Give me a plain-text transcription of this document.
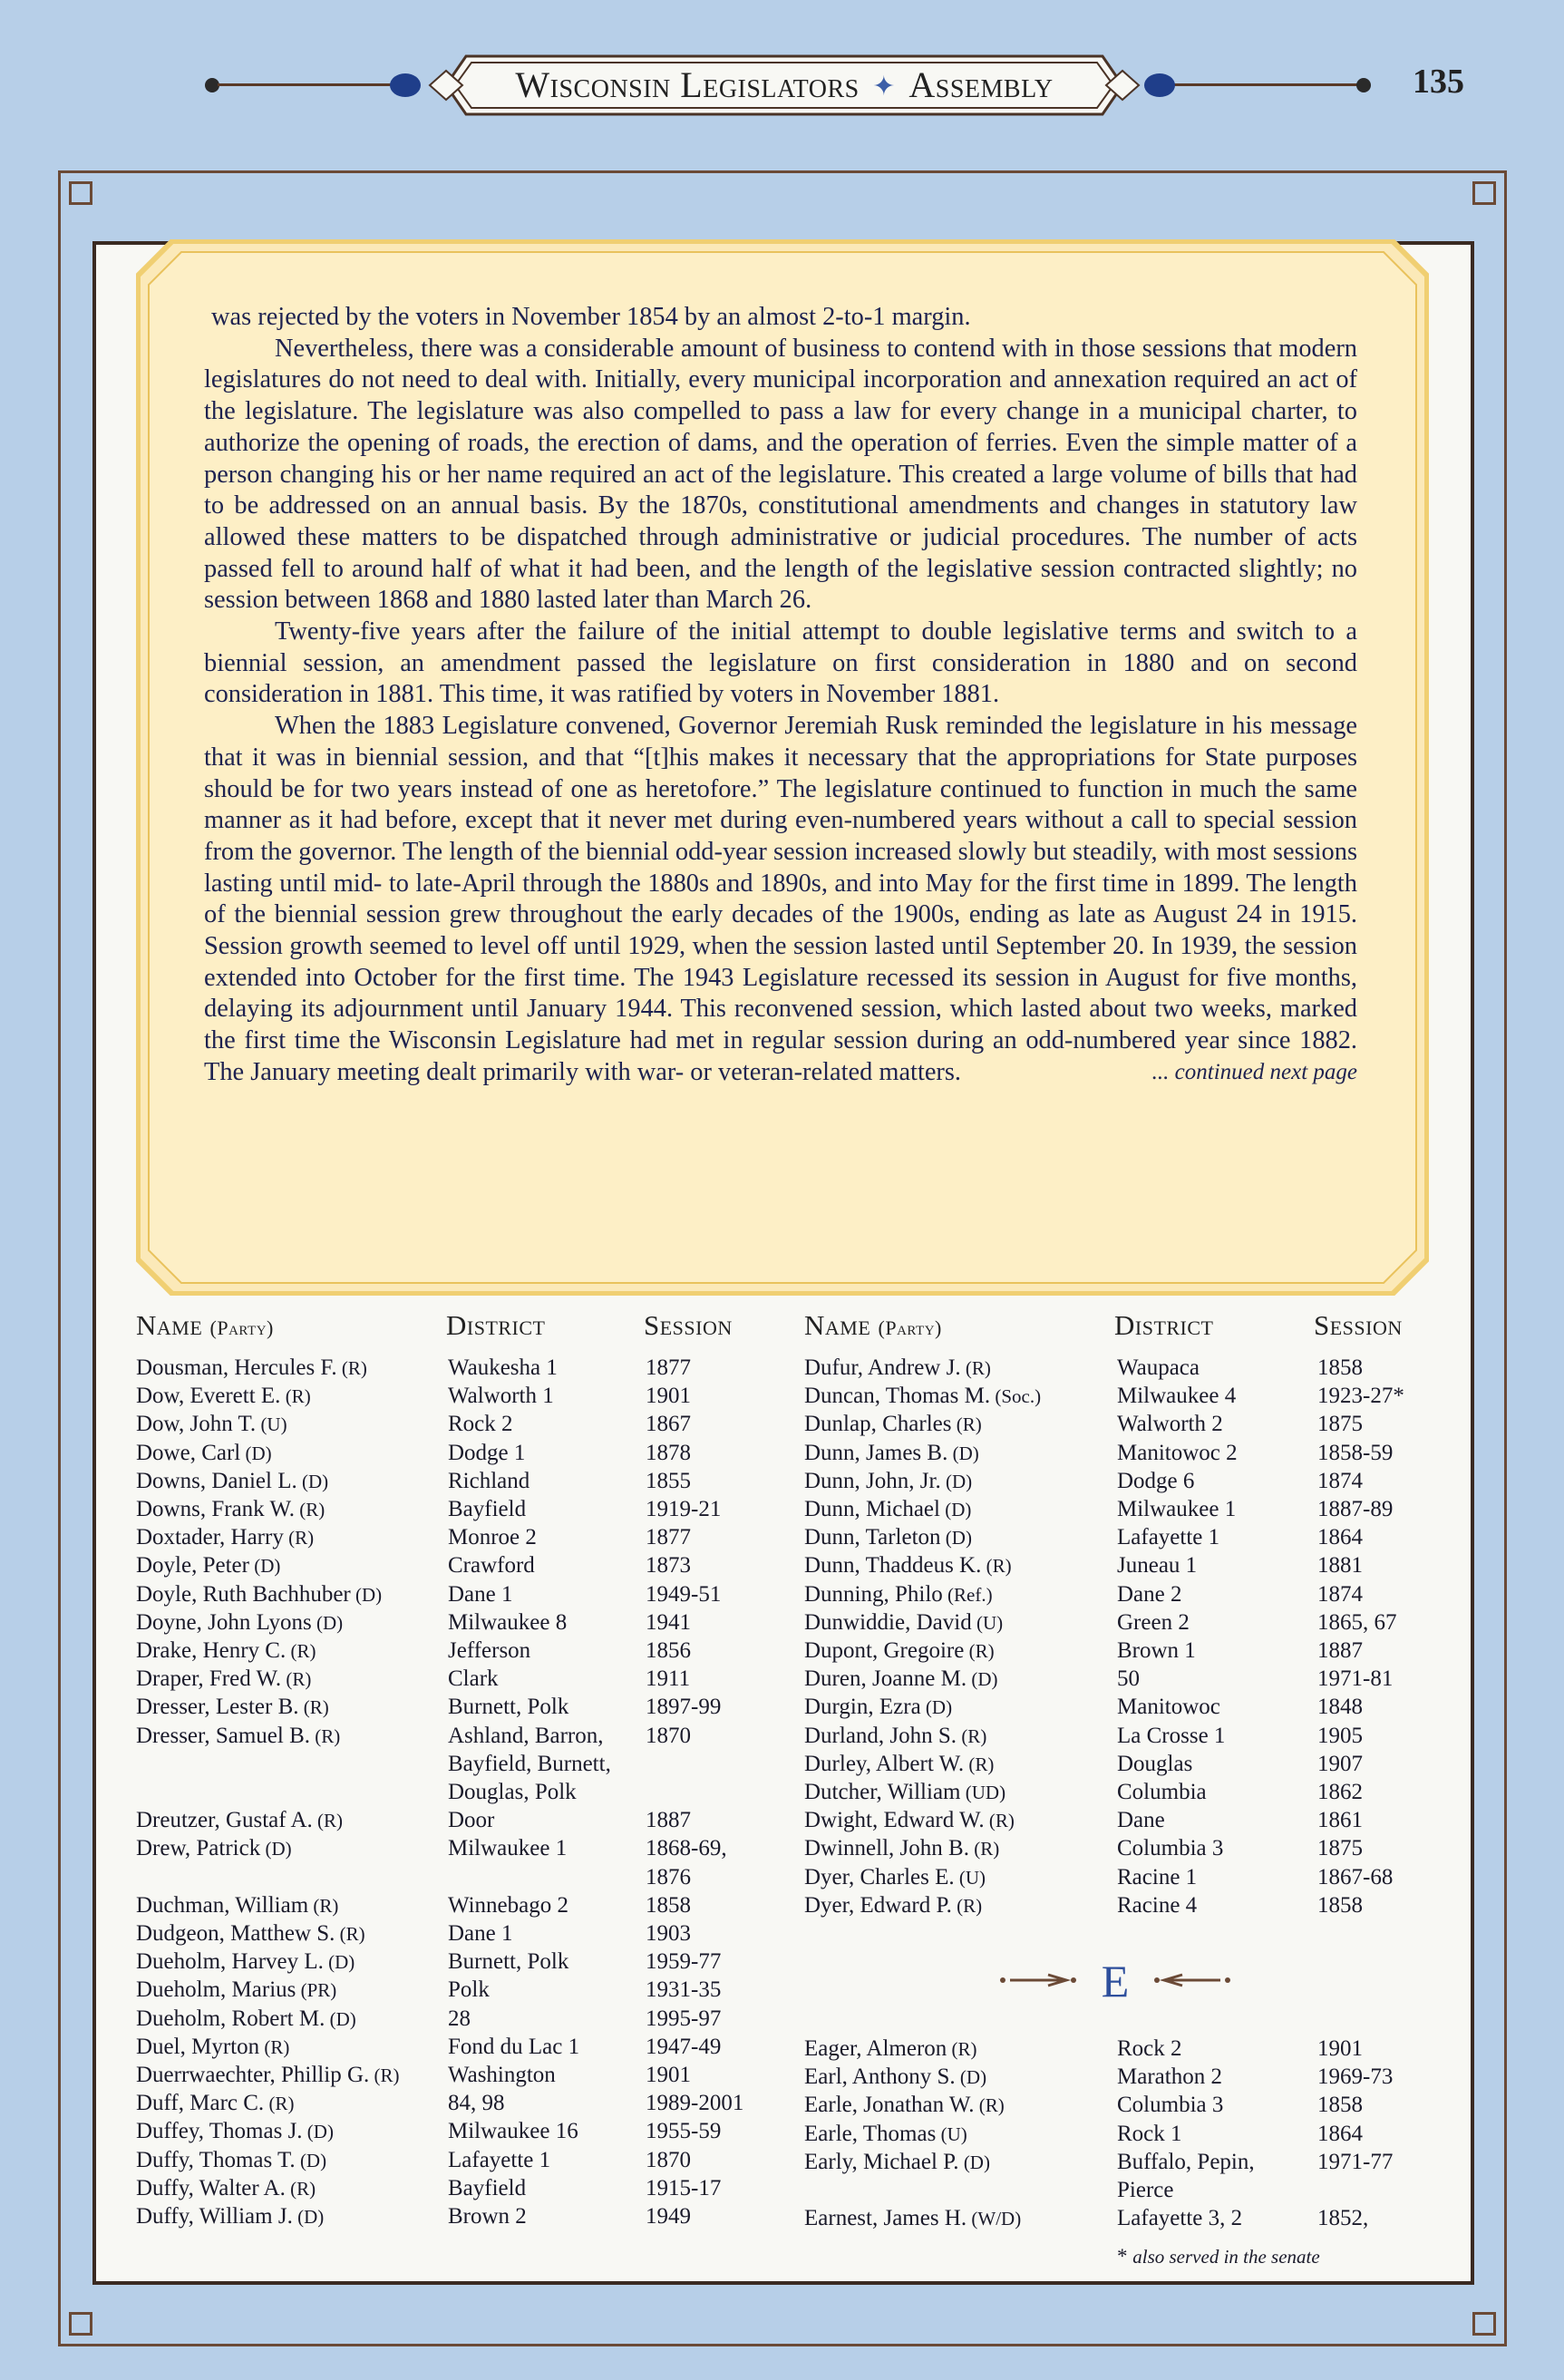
Wisconsin Legislators ✦ Assembly	135

was rejected by the voters in November 1854 by an almost 2-to-1 margin.

Nevertheless, there was a considerable amount of business to contend with in those sessions that modern legislatures do not need to deal with. Initially, every municipal incorporation and annexation required an act of the legislature. The legislature was also compelled to pass a law for every change in a municipal charter, to authorize the opening of roads, the erection of dams, and the operation of ferries. Even the simple matter of a person changing his or her name required an act of the legislature. This created a large volume of bills that had to be addressed on an annual basis. By the 1870s, constitutional amendments and changes in statutory law allowed these matters to be dispatched through administrative or judicial procedures. The number of acts passed fell to around half of what it had been, and the length of the legislative session contracted slightly; no session between 1868 and 1880 lasted later than March 26.

Twenty-five years after the failure of the initial attempt to double legislative terms and switch to a biennial session, an amendment passed the legislature on first consideration in 1880 and on second consideration in 1881. This time, it was ratified by voters in November 1881.

When the 1883 Legislature convened, Governor Jeremiah Rusk reminded the legislature in his message that it was in biennial session, and that “[t]his makes it necessary that the appropriations for State purposes should be for two years instead of one as heretofore.” The legislature continued to function in much the same manner as it had before, except that it never met during even-numbered years without a call to special session from the governor. The length of the biennial odd-year session increased slowly but steadily, with most sessions lasting until mid- to late-April through the 1880s and 1890s, and into May for the first time in 1899. The length of the biennial session grew throughout the early decades of the 1900s, ending as late as August 24 in 1915. Session growth seemed to level off until 1929, when the session lasted until September 20. In 1939, the session extended into October for the first time. The 1943 Legislature recessed its session in August for five months, delaying its adjournment until January 1944. This reconvened session, which lasted about two weeks, marked the first time the Wisconsin Legislature had met in regular session during an odd-numbered year since 1882. The January meeting dealt primarily with war- or veteran-related matters.	... continued next page

Name (Party)	District	Session	Name (Party)	District	Session
Dousman, Hercules F. (R)	Waukesha 1	1877
Dow, Everett E. (R)	Walworth 1	1901
Dow, John T. (U)	Rock 2	1867
Dowe, Carl (D)	Dodge 1	1878
Downs, Daniel L. (D)	Richland	1855
Downs, Frank W. (R)	Bayfield	1919-21
Doxtader, Harry (R)	Monroe 2	1877
Doyle, Peter (D)	Crawford	1873
Doyle, Ruth Bachhuber (D)	Dane 1	1949-51
Doyne, John Lyons (D)	Milwaukee 8	1941
Drake, Henry C. (R)	Jefferson	1856
Draper, Fred W. (R)	Clark	1911
Dresser, Lester B. (R)	Burnett, Polk	1897-99
Dresser, Samuel B. (R)	Ashland, Barron, 1870
Bayfield, Burnett,
Douglas, Polk
Dreutzer, Gustaf A. (R)	Door	1887
Drew, Patrick (D)	Milwaukee 1	1868-69,
1876
Duchman, William (R)	Winnebago 2	1858
Dudgeon, Matthew S. (R)	Dane 1	1903
Dueholm, Harvey L. (D)	Burnett, Polk	1959-77
Dueholm, Marius (PR)	Polk	1931-35
Dueholm, Robert M. (D)	28	1995-97
Duel, Myrton (R)	Fond du Lac 1	1947-49
Duerrwaechter, Phillip G. (R) Washington	1901
Duff, Marc C. (R)	84, 98	1989-2001
Duffey, Thomas J. (D)	Milwaukee 16	1955-59
Duffy, Thomas T. (D)	Lafayette 1	1870
Duffy, Walter A. (R)	Bayfield	1915-17
Duffy, William J. (D)	Brown 2	1949
Dufur, Andrew J. (R)	Waupaca	1858
Duncan, Thomas M. (Soc.)	Milwaukee 4	1923-27*
Dunlap, Charles (R)	Walworth 2	1875
Dunn, James B. (D)	Manitowoc 2	1858-59
Dunn, John, Jr. (D)	Dodge 6	1874
Dunn, Michael (D)	Milwaukee 1	1887-89
Dunn, Tarleton (D)	Lafayette 1	1864
Dunn, Thaddeus K. (R)	Juneau 1	1881
Dunning, Philo (Ref.)	Dane 2	1874
Dunwiddie, David (U)	Green 2	1865, 67
Dupont, Gregoire (R)	Brown 1	1887
Duren, Joanne M. (D)	50	1971-81
Durgin, Ezra (D)	Manitowoc	1848
Durland, John S. (R)	La Crosse 1	1905
Durley, Albert W. (R)	Douglas	1907
Dutcher, William (UD)	Columbia	1862
Dwight, Edward W. (R)	Dane	1861
Dwinnell, John B. (R)	Columbia 3	1875
Dyer, Charles E. (U)	Racine 1	1867-68
Dyer, Edward P. (R)	Racine 4	1858
Eager, Almeron (R)	Rock 2	1901
Earl, Anthony S. (D)	Marathon 2	1969-73
Earle, Jonathan W. (R)	Columbia 3	1858
Earle, Thomas (U)	Rock 1	1864
Early, Michael P. (D)	Buffalo, Pepin,	1971-77
Pierce
Earnest, James H. (W/D)	Lafayette 3, 2	1852,
E
* also served in the senate
